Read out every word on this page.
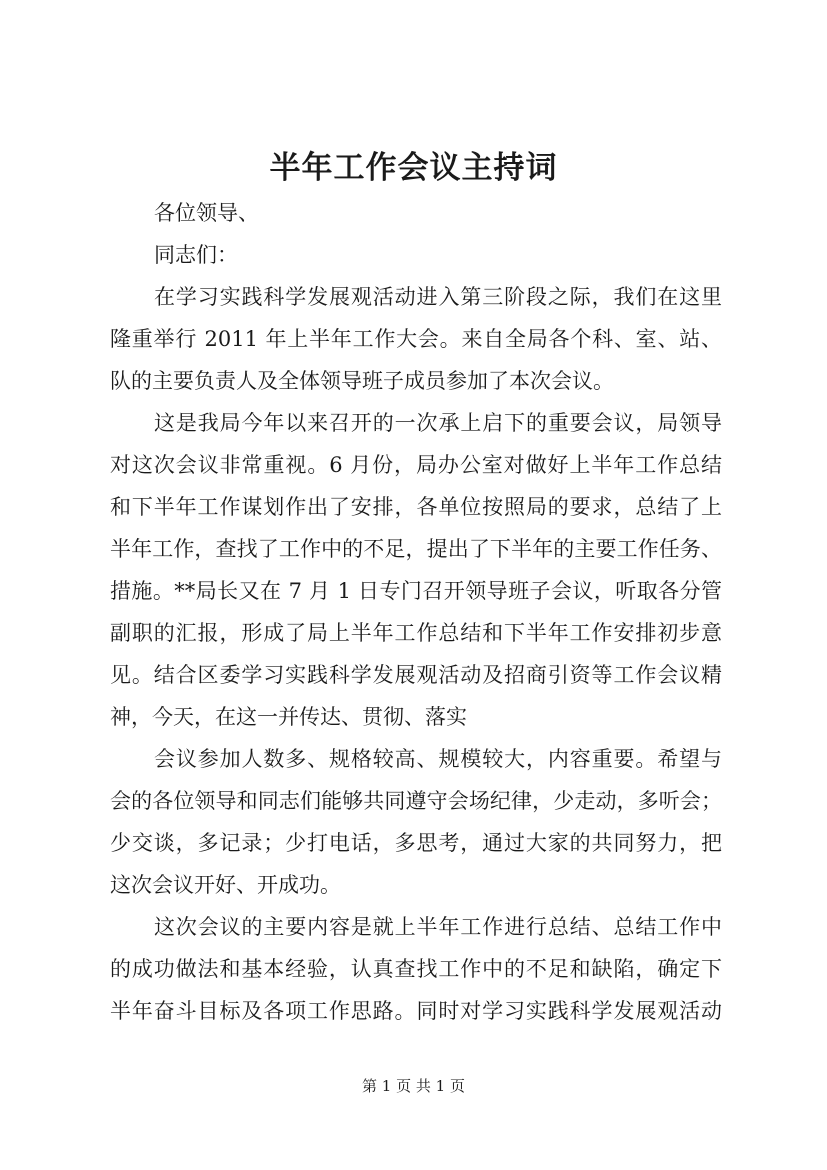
半年工作会议主持词
各位领导、
同志们：
在学习实践科学发展观活动进入第三阶段之际，我们在这里
隆重举行 2011 年上半年工作大会。来自全局各个科、室、站、
队的主要负责人及全体领导班子成员参加了本次会议。
这是我局今年以来召开的一次承上启下的重要会议，局领导
对这次会议非常重视。6 月份，局办公室对做好上半年工作总结
和下半年工作谋划作出了安排，各单位按照局的要求，总结了上
半年工作，查找了工作中的不足，提出了下半年的主要工作任务、
措施。**局长又在 7 月 1 日专门召开领导班子会议，听取各分管
副职的汇报，形成了局上半年工作总结和下半年工作安排初步意
见。结合区委学习实践科学发展观活动及招商引资等工作会议精
神，今天，在这一并传达、贯彻、落实
会议参加人数多、规格较高、规模较大，内容重要。希望与
会的各位领导和同志们能够共同遵守会场纪律，少走动，多听会；
少交谈，多记录；少打电话，多思考，通过大家的共同努力，把
这次会议开好、开成功。
这次会议的主要内容是就上半年工作进行总结、总结工作中
的成功做法和基本经验，认真查找工作中的不足和缺陷，确定下
半年奋斗目标及各项工作思路。同时对学习实践科学发展观活动
第 1 页 共 1 页
